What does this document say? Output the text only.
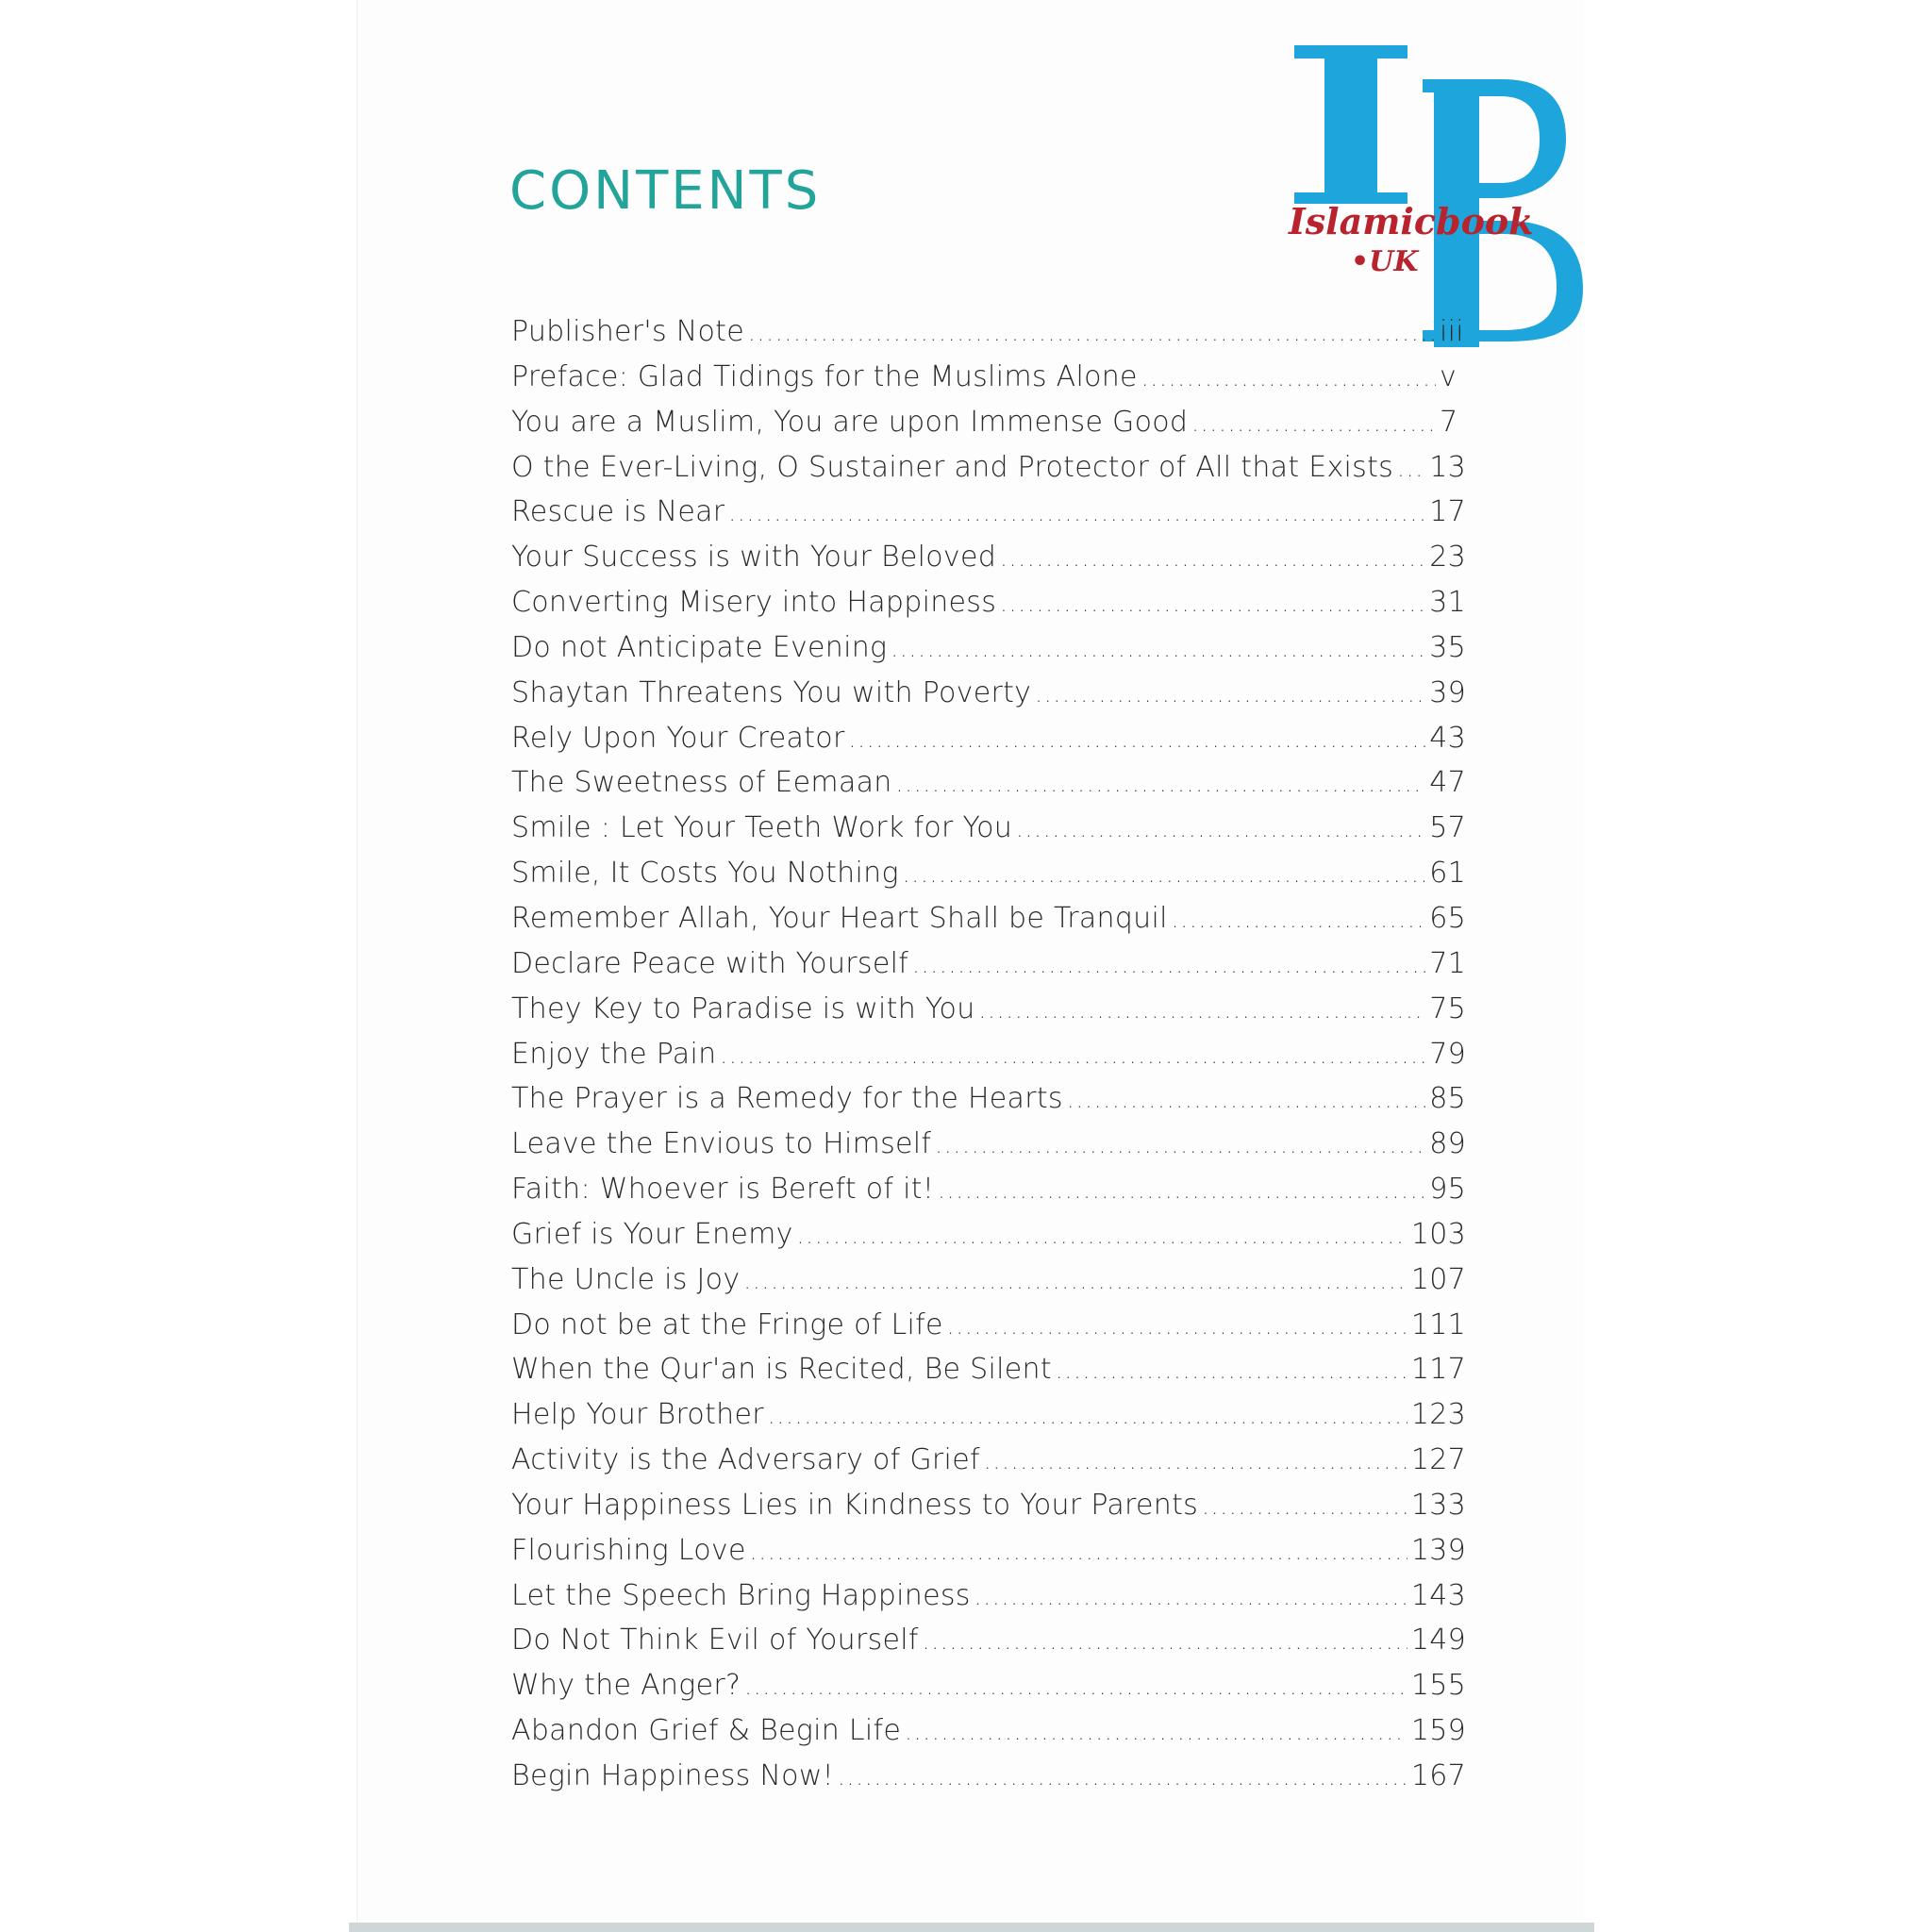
CONTENTS	Islamicbook
•UK
Publisher's Note .....	iii
Preface: Glad Tidings for the Muslims Alone .....	v
You are a Muslim, You are upon Immense Good .....	7
O the Ever-Living, O Sustainer and Protector of All that Exists ..... 13
Rescue is Near .....	17
Your Success is with Your Beloved .....	23
Converting Misery into Happiness .....	31
Do not Anticipate Evening .....	35
Shaytan Threatens You with Poverty .....	39
Rely Upon Your Creator .....	43
The Sweetness of Eemaan .....	47
Smile : Let Your Teeth Work for You .....	57
Smile, It Costs You Nothing .....	61
Remember Allah, Your Heart Shall be Tranquil .....	65
Declare Peace with Yourself .....	71
They Key to Paradise is with You .....	75
Enjoy the Pain .....	79
The Prayer is a Remedy for the Hearts .....	85
Leave the Envious to Himself .....	89
Faith: Whoever is Bereft of it! .....	95
Grief is Your Enemy .....	103
The Uncle is Joy .....	107
Do not be at the Fringe of Life .....	111
When the Qur'an is Recited, Be Silent .....	117
Help Your Brother .....	123
Activity is the Adversary of Grief .....	127
Your Happiness Lies in Kindness to Your Parents .....	133
Flourishing Love .....	139
Let the Speech Bring Happiness .....	143
Do Not Think Evil of Yourself .....	149
Why the Anger? .....	155
Abandon Grief & Begin Life .....	159
Begin Happiness Now! .....	167
